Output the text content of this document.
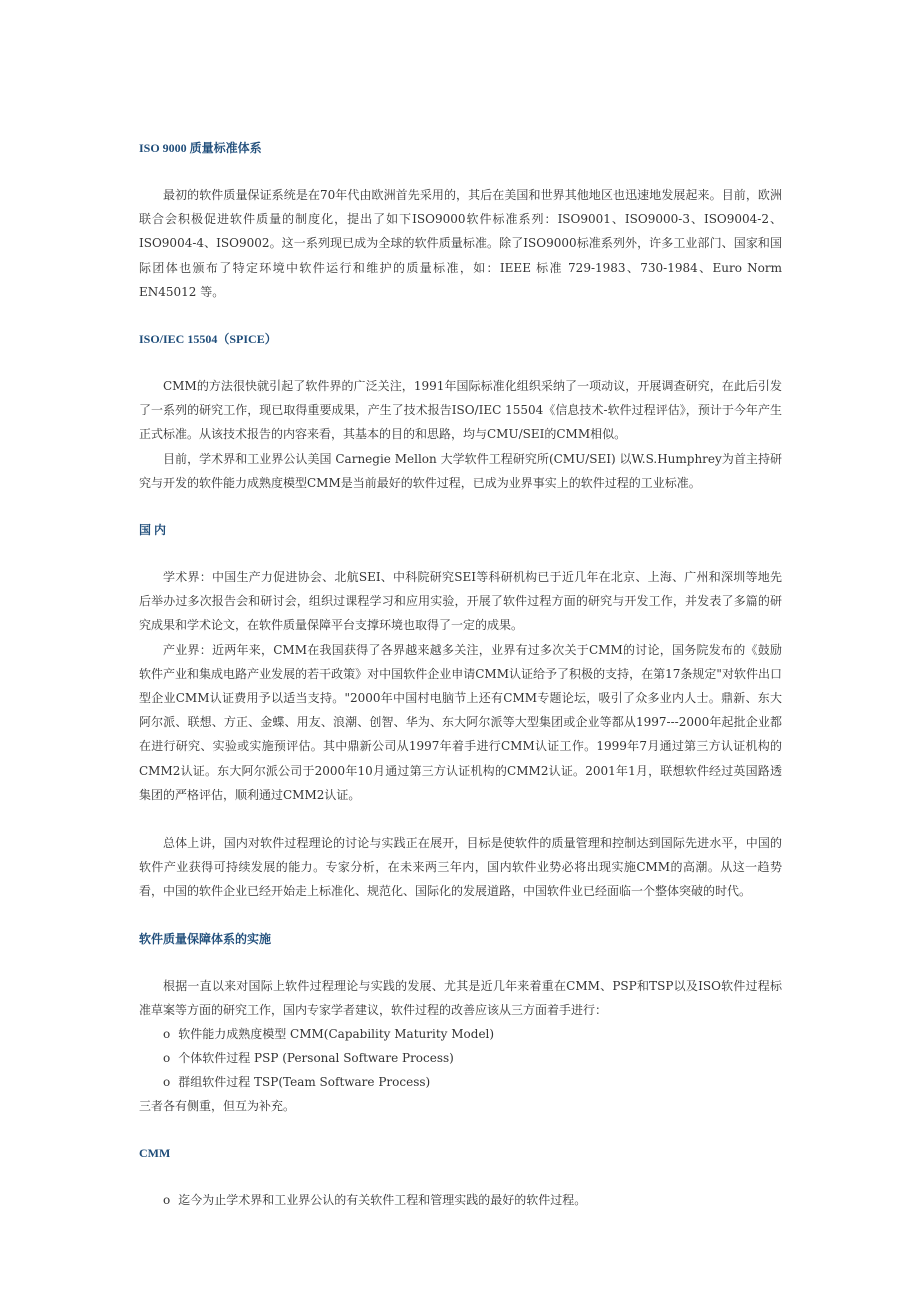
ISO 9000 质量标准体系

最初的软件质量保证系统是在70年代由欧洲首先采用的，其后在美国和世界其他地区也迅速地发展起来。目前，欧洲联合会积极促进软件质量的制度化，提出了如下ISO9000软件标准系列：ISO9001、ISO9000-3、ISO9004-2、ISO9004-4、ISO9002。这一系列现已成为全球的软件质量标准。除了ISO9000标准系列外，许多工业部门、国家和国际团体也颁布了特定环境中软件运行和维护的质量标准，如：IEEE 标准 729-1983、730-1984、Euro Norm EN45012 等。

ISO/IEC 15504（SPICE）

CMM的方法很快就引起了软件界的广泛关注，1991年国际标准化组织采纳了一项动议，开展调查研究，在此后引发了一系列的研究工作，现已取得重要成果，产生了技术报告ISO/IEC 15504《信息技术-软件过程评估》，预计于今年产生正式标准。从该技术报告的内容来看，其基本的目的和思路，均与CMU/SEI的CMM相似。

目前，学术界和工业界公认美国 Carnegie Mellon 大学软件工程研究所(CMU/SEI) 以W.S.Humphrey为首主持研究与开发的软件能力成熟度模型CMM是当前最好的软件过程，已成为业界事实上的软件过程的工业标准。

国 内

学术界：中国生产力促进协会、北航SEI、中科院研究SEI等科研机构已于近几年在北京、上海、广州和深圳等地先后举办过多次报告会和研讨会，组织过课程学习和应用实验，开展了软件过程方面的研究与开发工作，并发表了多篇的研究成果和学术论文，在软件质量保障平台支撑环境也取得了一定的成果。

产业界：近两年来，CMM在我国获得了各界越来越多关注，业界有过多次关于CMM的讨论，国务院发布的《鼓励软件产业和集成电路产业发展的若干政策》对中国软件企业申请CMM认证给予了积极的支持，在第17条规定"对软件出口型企业CMM认证费用予以适当支持。"2000年中国村电脑节上还有CMM专题论坛，吸引了众多业内人士。鼎新、东大阿尔派、联想、方正、金蝶、用友、浪潮、创智、华为、东大阿尔派等大型集团或企业等都从1997---2000年起批企业都在进行研究、实验或实施预评估。其中鼎新公司从1997年着手进行CMM认证工作。1999年7月通过第三方认证机构的CMM2认证。东大阿尔派公司于2000年10月通过第三方认证机构的CMM2认证。2001年1月，联想软件经过英国路透集团的严格评估，顺利通过CMM2认证。

总体上讲，国内对软件过程理论的讨论与实践正在展开，目标是使软件的质量管理和控制达到国际先进水平，中国的软件产业获得可持续发展的能力。专家分析，在未来两三年内，国内软件业势必将出现实施CMM的高潮。从这一趋势看，中国的软件企业已经开始走上标准化、规范化、国际化的发展道路，中国软件业已经面临一个整体突破的时代。

软件质量保障体系的实施

根据一直以来对国际上软件过程理论与实践的发展、尤其是近几年来着重在CMM、PSP和TSP以及ISO软件过程标准草案等方面的研究工作，国内专家学者建议，软件过程的改善应该从三方面着手进行：

o 软件能力成熟度模型 CMM(Capability Maturity Model)

o 个体软件过程 PSP (Personal Software Process)

o 群组软件过程 TSP(Team Software Process)

三者各有侧重，但互为补充。

CMM

o 迄今为止学术界和工业界公认的有关软件工程和管理实践的最好的软件过程。
